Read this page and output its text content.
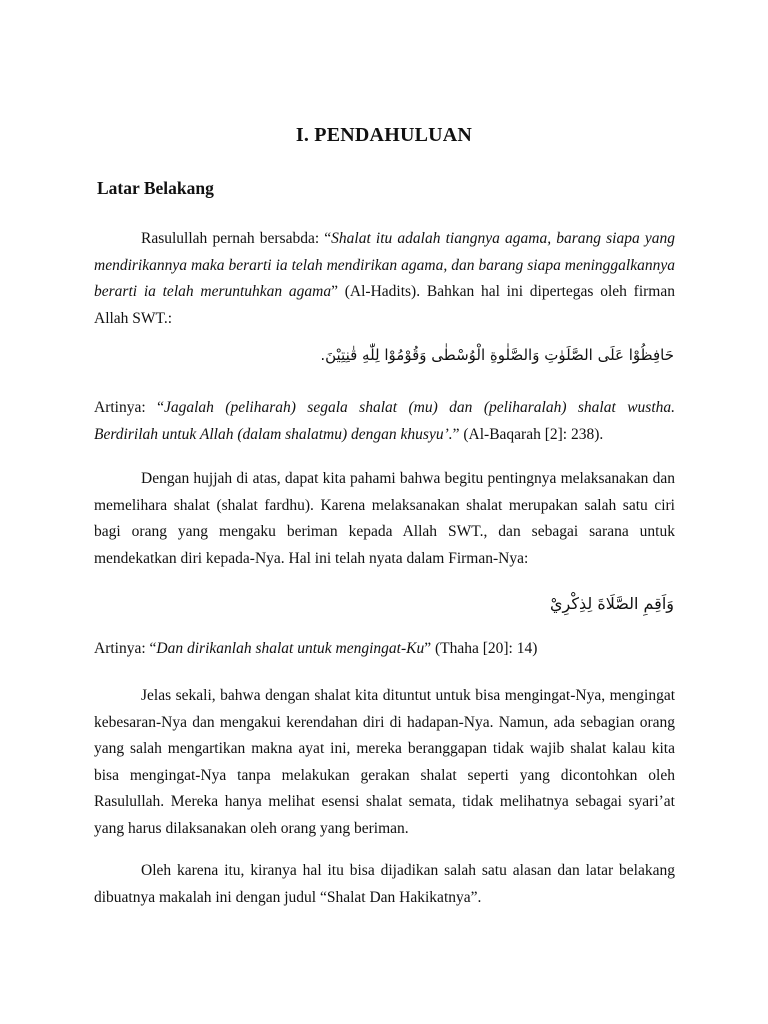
I. PENDAHULUAN
Latar Belakang

Rasulullah pernah bersabda: “Shalat itu adalah tiangnya agama, barang siapa yang mendirikannya maka berarti ia telah mendirikan agama, dan barang siapa meninggalkannya berarti ia telah meruntuhkan agama” (Al-Hadits). Bahkan hal ini dipertegas oleh firman Allah SWT.:

حَافِظُوْا عَلَى الصَّلَوٰتِ وَالصَّلٰوةِ الْوُسْطٰى وَقُوْمُوْا لِلّٰهِ قٰنِتِيْنَ.

Artinya: “Jagalah (peliharah) segala shalat (mu) dan (peliharalah) shalat wustha. Berdirilah untuk Allah (dalam shalatmu) dengan khusyu’.” (Al-Baqarah [2]: 238).

Dengan hujjah di atas, dapat kita pahami bahwa begitu pentingnya melaksanakan dan memelihara shalat (shalat fardhu). Karena melaksanakan shalat merupakan salah satu ciri bagi orang yang mengaku beriman kepada Allah SWT., dan sebagai sarana untuk mendekatkan diri kepada-Nya. Hal ini telah nyata dalam Firman-Nya:

وَاَقِمِ الصَّلَاةَ لِذِكْرِيْ

Artinya: “Dan dirikanlah shalat untuk mengingat-Ku” (Thaha [20]: 14)

Jelas sekali, bahwa dengan shalat kita dituntut untuk bisa mengingat-Nya, mengingat kebesaran-Nya dan mengakui kerendahan diri di hadapan-Nya. Namun, ada sebagian orang yang salah mengartikan makna ayat ini, mereka beranggapan tidak wajib shalat kalau kita bisa mengingat-Nya tanpa melakukan gerakan shalat seperti yang dicontohkan oleh Rasulullah. Mereka hanya melihat esensi shalat semata, tidak melihatnya sebagai syari’at yang harus dilaksanakan oleh orang yang beriman.

Oleh karena itu, kiranya hal itu bisa dijadikan salah satu alasan dan latar belakang dibuatnya makalah ini dengan judul “Shalat Dan Hakikatnya”.
